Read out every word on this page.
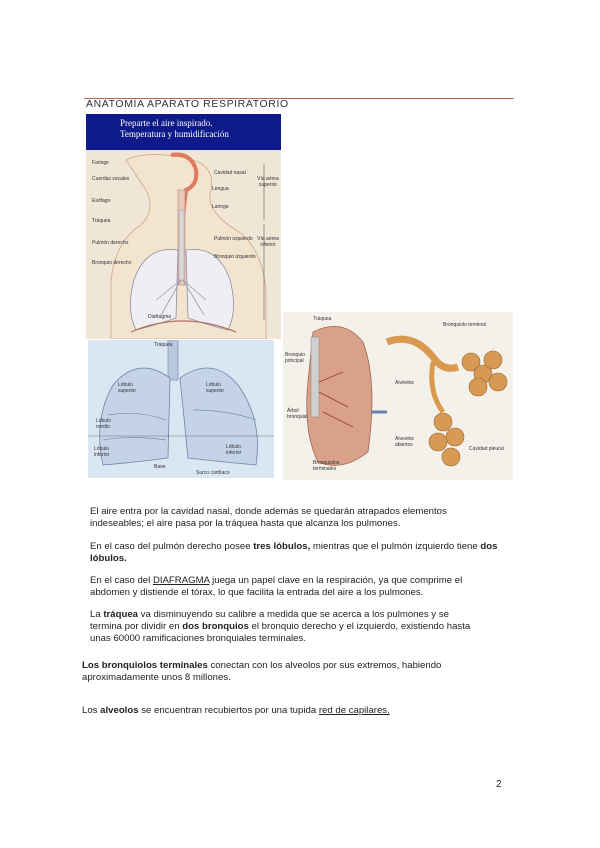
ANATOMÍA APARATO RESPIRATORIO
Preparte el aire inspirado.
Temperatura y humidificación
Faringe
Cuerdas vocales
Esófago
Tráquea
Pulmón derecho
Bronquio derecho
Cavidad nasal
Lengua
Laringe
Pulmón izquierdo
Bronquio izquierdo
Diafragma
Vía aérea superior
Vía aérea inferior
Tráquea
Lóbulo superior
Lóbulo superior
Lóbulo medio
Lóbulo inferior
Lóbulo inferior
Base
Surco cardíaco
Tráquea
Bronquio principal
Árbol bronquial
Bronquiolos terminales
Bronquiolo terminal
Alvéolos
Alveolos abiertos
Cavidad pleural
El aire entra por la cavidad nasal, donde además se quedarán atrapados elementos
indeseables; el aire pasa por la tráquea hasta que alcanza los pulmones.
En el caso del pulmón derecho posee tres lóbulos, mientras que el pulmón izquierdo tiene dos
lóbulos.
En el caso del DIAFRAGMA juega un papel clave en la respiración, ya que comprime el
abdomen y distiende el tórax, lo que facilita la entrada del aire a los pulmones.
La tráquea va disminuyendo su calibre a medida que se acerca a los pulmones y se
termina por dividir en dos bronquios el bronquio derecho y el izquierdo, existiendo hasta
unas 60000 ramificaciones bronquiales terminales.
Los bronquiolos terminales conectan con los alveolos por sus extremos, habiendo
aproximadamente unos 8 millones.
Los alveolos se encuentran recubiertos por una tupida red de capilares.
2
